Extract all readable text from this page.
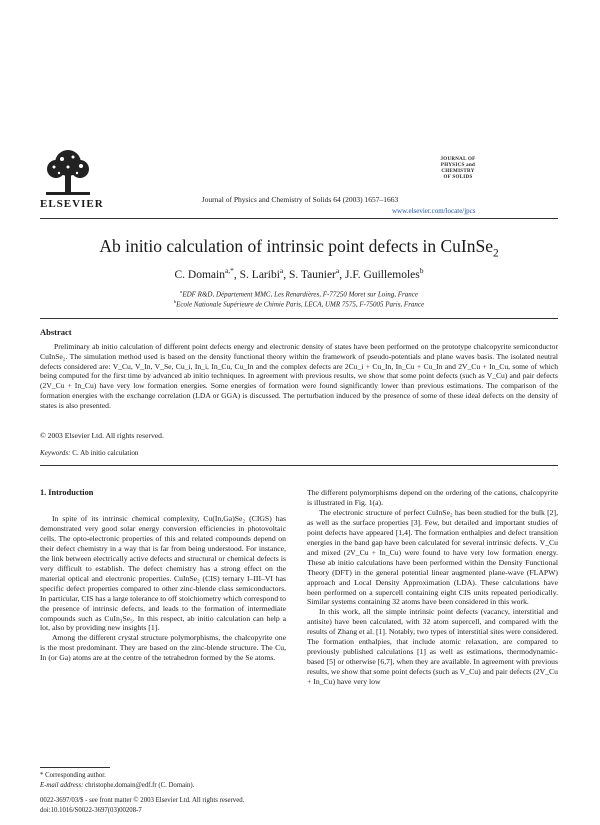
ELSEVIER	Journal of Physics and Chemistry of Solids 64 (2003) 1657–1663
JOURNAL OF
PHYSICS and CHEMISTRY
OF SOLIDS
www.elsevier.com/locate/jpcs
Ab initio calculation of intrinsic point defects in CuInSe$_2$
C. Domain$^{a,*}$, S. Laribi$^a$, S. Taunier$^a$, J.F. Guillemoles$^b$
$^a$EDF R&D, Département MMC, Les Renardières, F-77250 Moret sur Loing, France
$^b$Ecole Nationale Supérieure de Chimie Paris, LECA, UMR 7575, F-75005 Paris, France
Abstract
Preliminary ab initio calculation of different point defects energy and electronic density of states have been performed on the prototype chalcopyrite semiconductor CuInSe₂. The simulation method used is based on the density functional theory within the framework of pseudo-potentials and plane waves basis. The isolated neutral defects considered are: V_Cu, V_In, V_Se, Cu_i, In_i, In_Cu, Cu_In and the complex defects are 2Cu_i + Cu_In, In_Cu + Cu_In and 2V_Cu + In_Cu, some of which being computed for the first time by advanced ab initio techniques. In agreement with previous results, we show that some point defects (such as V_Cu) and pair defects (2V_Cu + In_Cu) have very low formation energies. Some energies of formation were found significantly lower than previous estimations. The comparison of the formation energies with the exchange correlation (LDA or GGA) is discussed. The perturbation induced by the presence of some of these ideal defects on the density of states is also presented.
© 2003 Elsevier Ltd. All rights reserved.
Keywords: C. Ab initio calculation
1. Introduction

In spite of its intrinsic chemical complexity, Cu(In,Ga)Se₂ (CIGS) has demonstrated very good solar energy conversion efficiencies in photovoltaic cells. The opto-electronic properties of this and related compounds depend on their defect chemistry in a way that is far from being understood. For instance, the link between electrically active defects and structural or chemical defects is very difficult to establish. The defect chemistry has a strong effect on the material optical and electronic properties. CuInSe₂ (CIS) ternary I–III–VI has specific defect properties compared to other zinc-blende class semiconductors. In particular, CIS has a large tolerance to off stoichiometry which correspond to the presence of intrinsic defects, and leads to the formation of intermediate compounds such as CuIn₃Se₅. In this respect, ab initio calculation can help a lot, also by providing new insights [1].

Among the different crystal structure polymorphisms, the chalcopyrite one is the most predominant. They are based on the zinc-blende structure. The Cu, In (or Ga) atoms are at the centre of the tetrahedron formed by the Se atoms.

The different polymorphisms depend on the ordering of the cations, chalcopyrite is illustrated in Fig. 1(a).

The electronic structure of perfect CuInSe₂ has been studied for the bulk [2], as well as the surface properties [3]. Few, but detailed and important studies of point defects have appeared [1,4]. The formation enthalpies and defect transition energies in the band gap have been calculated for several intrinsic defects. V_Cu and mixed (2V_Cu + In_Cu) were found to have very low formation energy. These ab initio calculations have been performed within the Density Functional Theory (DFT) in the general potential linear augmented plane-wave (FLAPW) approach and Local Density Approximation (LDA). These calculations have been performed on a supercell containing eight CIS units repeated periodically. Similar systems containing 32 atoms have been considered in this work.

In this work, all the simple intrinsic point defects (vacancy, interstitial and antisite) have been calculated, with 32 atom supercell, and compared with the results of Zhang et al. [1]. Notably, two types of interstitial sites were considered. The formation enthalpies, that include atomic relaxation, are compared to previously published calculations [1] as well as estimations, thermodynamic-based [5] or otherwise [6,7], when they are available. In agreement with previous results, we show that some point defects (such as V_Cu) and pair defects (2V_Cu + In_Cu) have very low

* Corresponding author.
E-mail address: christophe.domain@edf.fr (C. Domain).
0022-3697/03/$ - see front matter © 2003 Elsevier Ltd. All rights reserved.
doi:10.1016/S0022-3697(03)00208-7
